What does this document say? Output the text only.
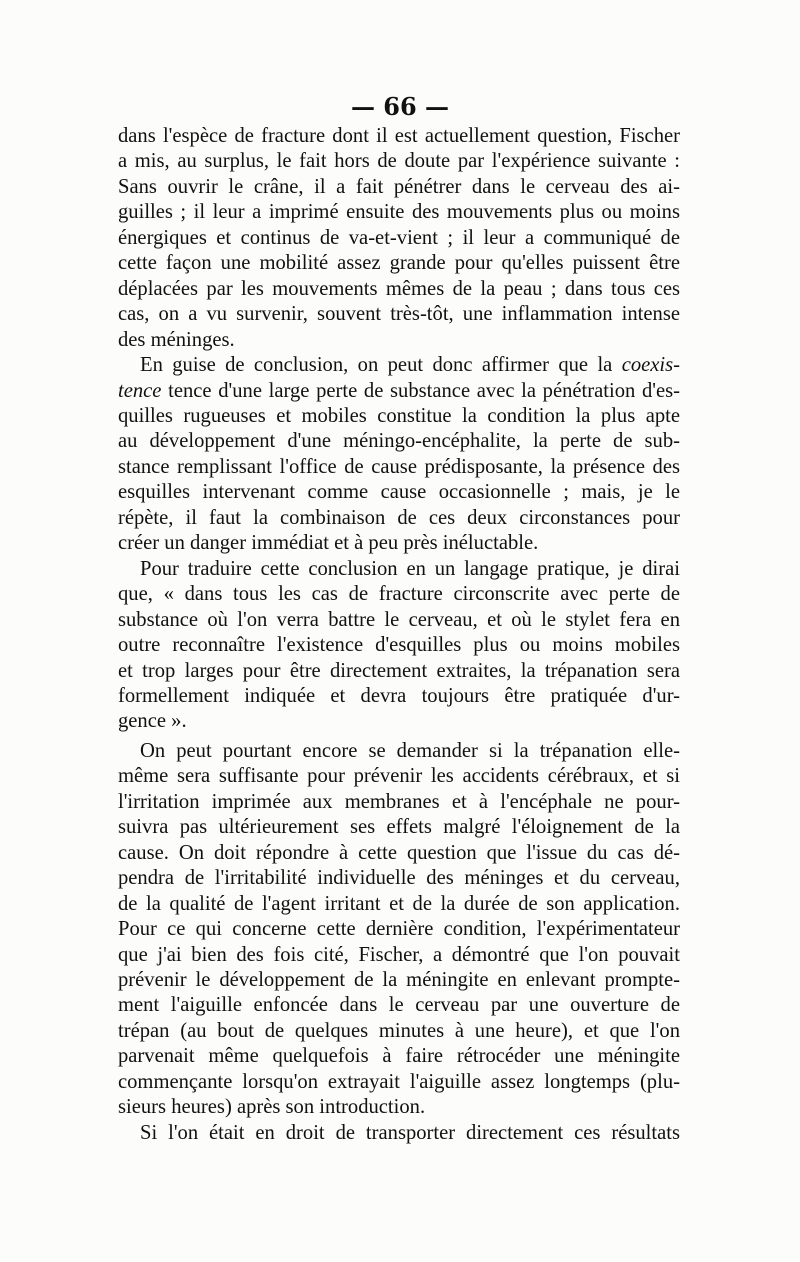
— 66 —

dans l'espèce de fracture dont il est actuellement question, Fischer

a mis, au surplus, le fait hors de doute par l'expérience suivante :

Sans ouvrir le crâne, il a fait pénétrer dans le cerveau des ai-

guilles ; il leur a imprimé ensuite des mouvements plus ou moins

énergiques et continus de va-et-vient ; il leur a communiqué de

cette façon une mobilité assez grande pour qu'elles puissent être

déplacées par les mouvements mêmes de la peau ; dans tous ces

cas, on a vu survenir, souvent très-tôt, une inflammation intense

des méninges.

En guise de conclusion, on peut donc affirmer que la coexis-

tence tence d'une large perte de substance avec la pénétration d'es-

quilles rugueuses et mobiles constitue la condition la plus apte

au développement d'une méningo-encéphalite, la perte de sub-

stance remplissant l'office de cause prédisposante, la présence des

esquilles intervenant comme cause occasionnelle ; mais, je le

répète, il faut la combinaison de ces deux circonstances pour

créer un danger immédiat et à peu près inéluctable.

Pour traduire cette conclusion en un langage pratique, je dirai

que, « dans tous les cas de fracture circonscrite avec perte de

substance où l'on verra battre le cerveau, et où le stylet fera en

outre reconnaître l'existence d'esquilles plus ou moins mobiles

et trop larges pour être directement extraites, la trépanation sera

formellement indiquée et devra toujours être pratiquée d'ur-

gence ».

On peut pourtant encore se demander si la trépanation elle-

même sera suffisante pour prévenir les accidents cérébraux, et si

l'irritation imprimée aux membranes et à l'encéphale ne pour-

suivra pas ultérieurement ses effets malgré l'éloignement de la

cause. On doit répondre à cette question que l'issue du cas dé-

pendra de l'irritabilité individuelle des méninges et du cerveau,

de la qualité de l'agent irritant et de la durée de son application.

Pour ce qui concerne cette dernière condition, l'expérimentateur

que j'ai bien des fois cité, Fischer, a démontré que l'on pouvait

prévenir le développement de la méningite en enlevant prompte-

ment l'aiguille enfoncée dans le cerveau par une ouverture de

trépan (au bout de quelques minutes à une heure), et que l'on

parvenait même quelquefois à faire rétrocéder une méningite

commençante lorsqu'on extrayait l'aiguille assez longtemps (plu-

sieurs heures) après son introduction.

Si l'on était en droit de transporter directement ces résultats
